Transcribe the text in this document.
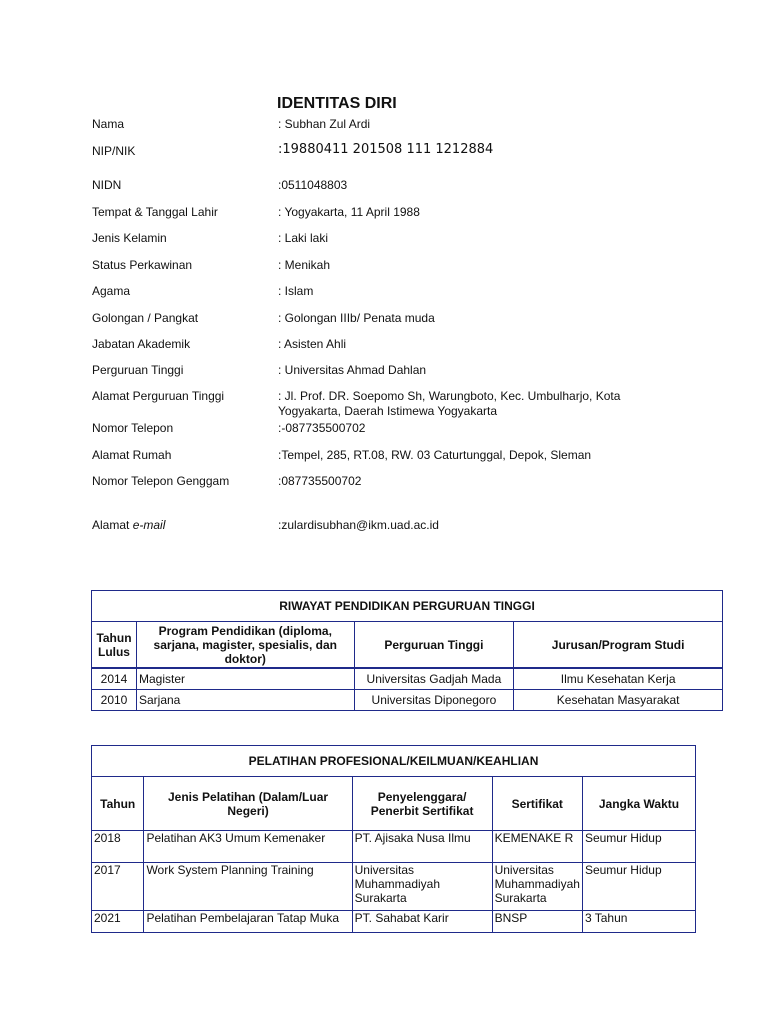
IDENTITAS DIRI
Nama	: Subhan Zul Ardi
NIP/NIK	:19880411 201508 111 1212884
NIDN	:0511048803
Tempat & Tanggal Lahir	: Yogyakarta, 11 April 1988
Jenis Kelamin	: Laki laki
Status Perkawinan	: Menikah
Agama	: Islam
Golongan / Pangkat	: Golongan IIIb/ Penata muda
Jabatan Akademik	: Asisten Ahli
Perguruan Tinggi	: Universitas Ahmad Dahlan
Alamat Perguruan Tinggi	: Jl. Prof. DR. Soepomo Sh, Warungboto, Kec. Umbulharjo, Kota
Yogyakarta, Daerah Istimewa Yogyakarta
Nomor Telepon	:-087735500702
Alamat Rumah	:Tempel, 285, RT.08, RW. 03 Caturtunggal, Depok, Sleman
Nomor Telepon Genggam	:087735500702
Alamat e-mail	:zulardisubhan@ikm.uad.ac.id
RIWAYAT PENDIDIKAN PERGURUAN TINGGI			
Tahun Lulus	Program Pendidikan (diploma, sarjana, magister, spesialis, dan doktor)	Perguruan Tinggi	Jurusan/Program Studi
2014	Magister	Universitas Gadjah Mada	Ilmu Kesehatan Kerja
2010	Sarjana	Universitas Diponegoro	Kesehatan Masyarakat
PELATIHAN PROFESIONAL/KEILMUAN/KEAHLIAN				
Tahun	Jenis Pelatihan (Dalam/Luar Negeri)	Penyelenggara/ Penerbit Sertifikat	Sertifikat	Jangka Waktu
2018	Pelatihan AK3 Umum Kemenaker	PT. Ajisaka Nusa Ilmu	KEMENAKE R	Seumur Hidup
2017	Work System Planning Training	Universitas Muhammadiyah Surakarta	Universitas Muhammadiyah Surakarta	Seumur Hidup
2021	Pelatihan Pembelajaran Tatap Muka	PT. Sahabat Karir	BNSP	3 Tahun
